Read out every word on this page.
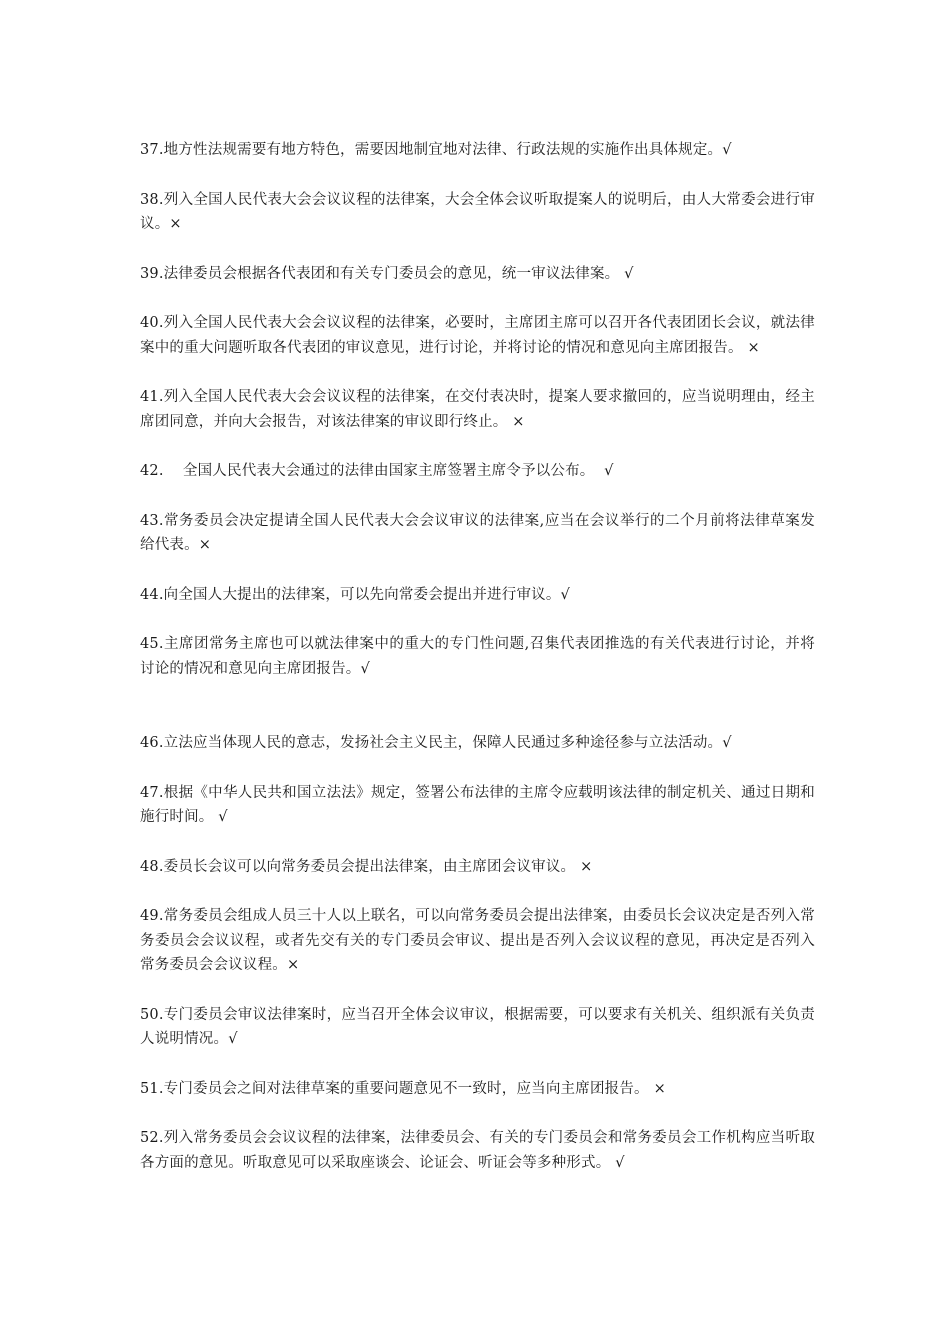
37.地方性法规需要有地方特色，需要因地制宜地对法律、行政法规的实施作出具体规定。√

38.列入全国人民代表大会会议议程的法律案，大会全体会议听取提案人的说明后，由人大常委会进行审议。×

39.法律委员会根据各代表团和有关专门委员会的意见，统一审议法律案。 √

40.列入全国人民代表大会会议议程的法律案，必要时，主席团主席可以召开各代表团团长会议，就法律案中的重大问题听取各代表团的审议意见，进行讨论，并将讨论的情况和意见向主席团报告。 ×

41.列入全国人民代表大会会议议程的法律案，在交付表决时，提案人要求撤回的，应当说明理由，经主席团同意，并向大会报告，对该法律案的审议即行终止。 ×

42.    全国人民代表大会通过的法律由国家主席签署主席令予以公布。  √

43.常务委员会决定提请全国人民代表大会会议审议的法律案,应当在会议举行的二个月前将法律草案发给代表。×

44.向全国人大提出的法律案，可以先向常委会提出并进行审议。√

45.主席团常务主席也可以就法律案中的重大的专门性问题,召集代表团推选的有关代表进行讨论，并将讨论的情况和意见向主席团报告。√

46.立法应当体现人民的意志，发扬社会主义民主，保障人民通过多种途径参与立法活动。√

47.根据《中华人民共和国立法法》规定，签署公布法律的主席令应载明该法律的制定机关、通过日期和施行时间。 √

48.委员长会议可以向常务委员会提出法律案，由主席团会议审议。 ×

49.常务委员会组成人员三十人以上联名，可以向常务委员会提出法律案，由委员长会议决定是否列入常务委员会会议议程，或者先交有关的专门委员会审议、提出是否列入会议议程的意见，再决定是否列入常务委员会会议议程。×

50.专门委员会审议法律案时，应当召开全体会议审议，根据需要，可以要求有关机关、组织派有关负责人说明情况。√

51.专门委员会之间对法律草案的重要问题意见不一致时，应当向主席团报告。 ×

52.列入常务委员会会议议程的法律案，法律委员会、有关的专门委员会和常务委员会工作机构应当听取各方面的意见。听取意见可以采取座谈会、论证会、听证会等多种形式。 √
